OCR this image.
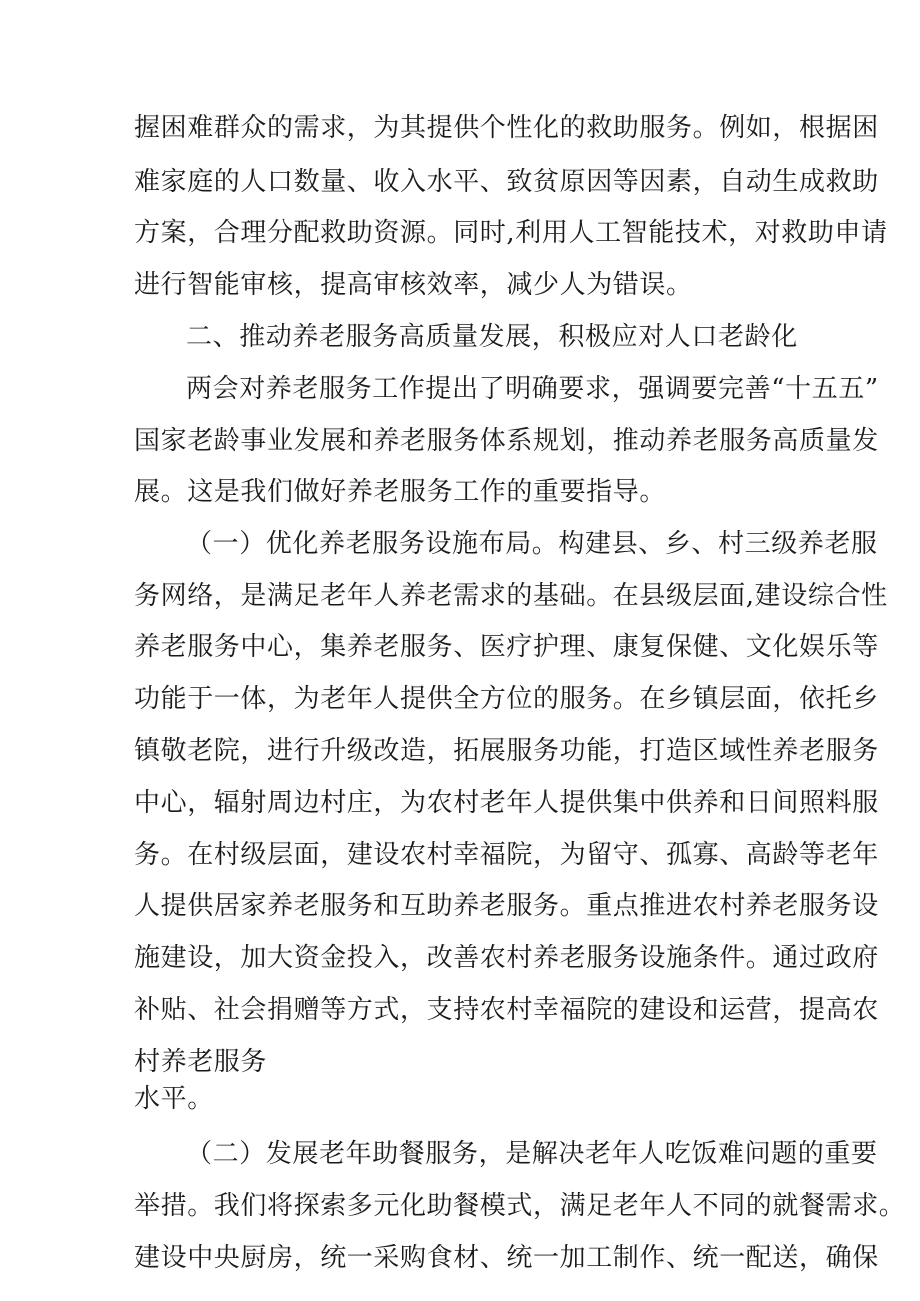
握困难群众的需求，为其提供个性化的救助服务。例如，根据困
难家庭的人口数量、收入水平、致贫原因等因素，自动生成救助
方案，合理分配救助资源。同时,利用人工智能技术，对救助申请
进行智能审核，提高审核效率，减少人为错误。
二、推动养老服务高质量发展，积极应对人口老龄化
两会对养老服务工作提出了明确要求，强调要完善“十五五”
国家老龄事业发展和养老服务体系规划，推动养老服务高质量发
展。这是我们做好养老服务工作的重要指导。
（一）优化养老服务设施布局。构建县、乡、村三级养老服
务网络，是满足老年人养老需求的基础。在县级层面,建设综合性
养老服务中心，集养老服务、医疗护理、康复保健、文化娱乐等
功能于一体，为老年人提供全方位的服务。在乡镇层面，依托乡
镇敬老院，进行升级改造，拓展服务功能，打造区域性养老服务
中心，辐射周边村庄，为农村老年人提供集中供养和日间照料服
务。在村级层面，建设农村幸福院，为留守、孤寡、高龄等老年
人提供居家养老服务和互助养老服务。重点推进农村养老服务设
施建设，加大资金投入，改善农村养老服务设施条件。通过政府
补贴、社会捐赠等方式，支持农村幸福院的建设和运营，提高农
村养老服务
水平。
（二）发展老年助餐服务，是解决老年人吃饭难问题的重要
举措。我们将探索多元化助餐模式，满足老年人不同的就餐需求。
建设中央厨房，统一采购食材、统一加工制作、统一配送，确保
